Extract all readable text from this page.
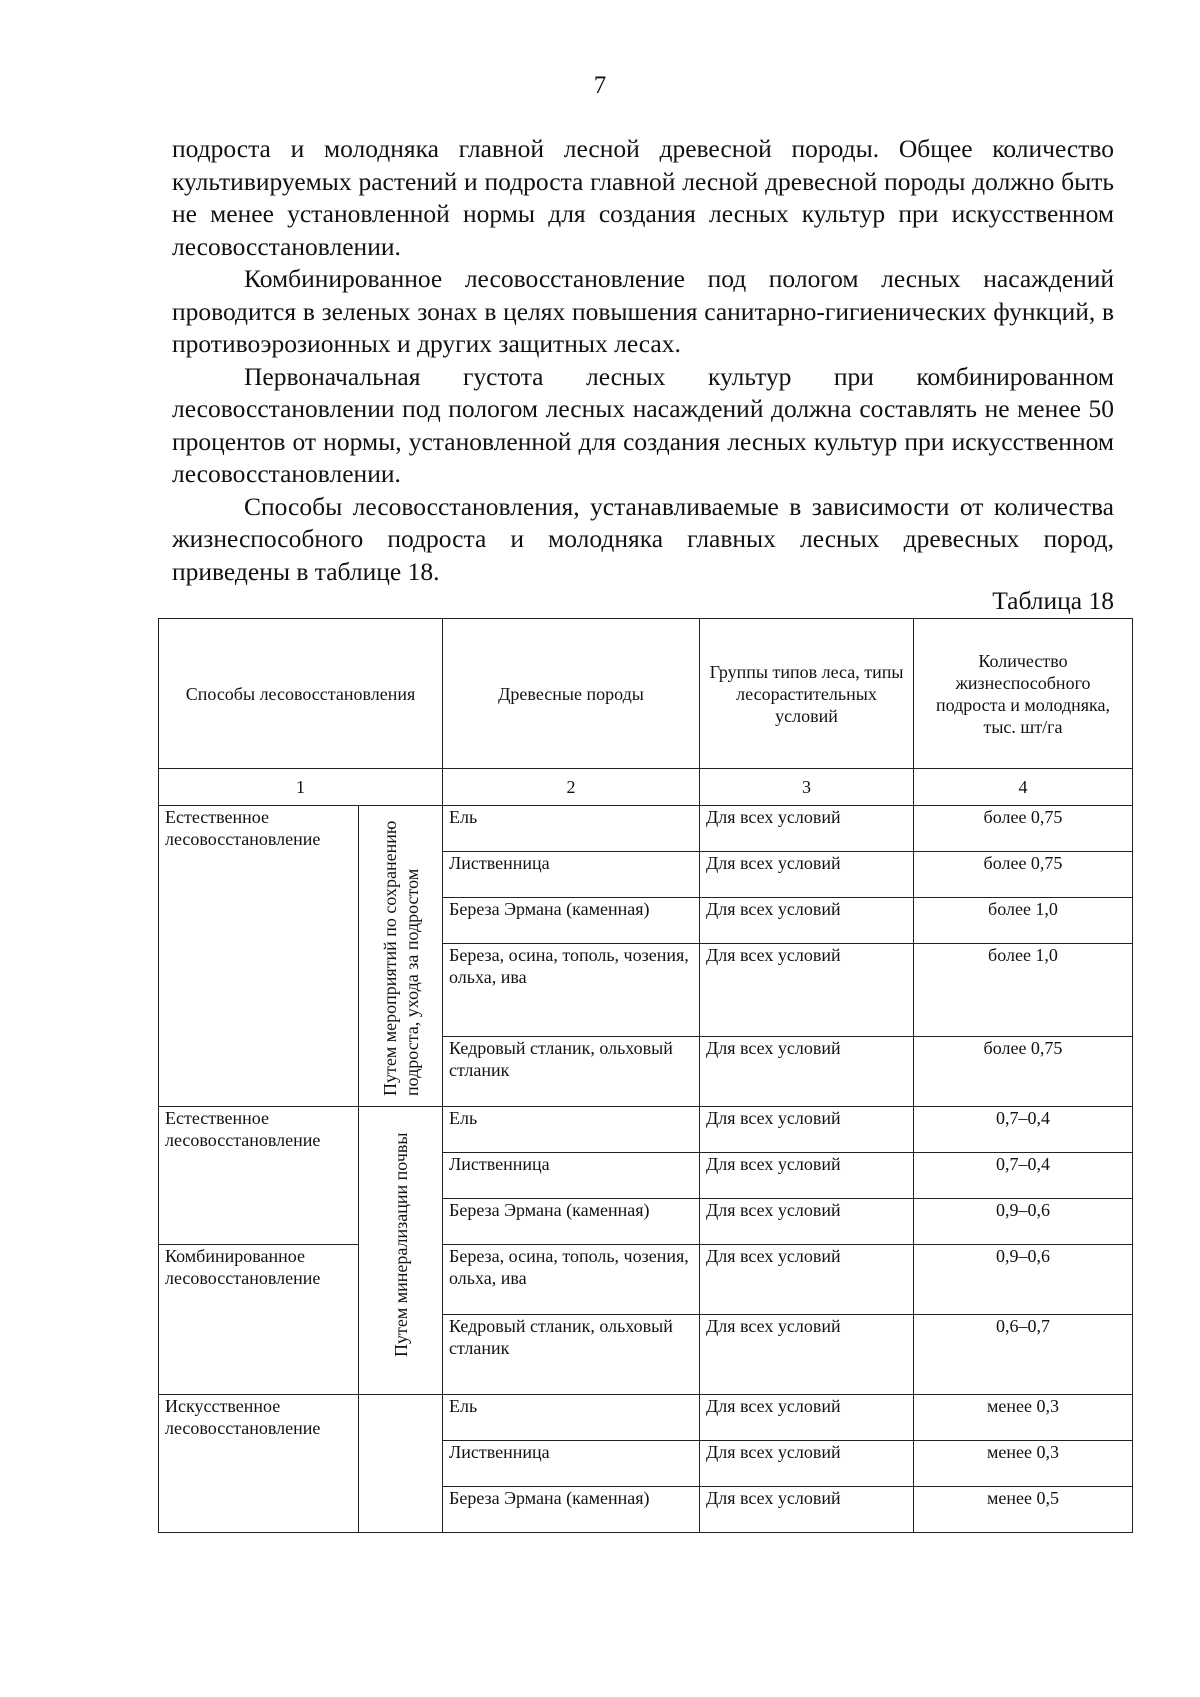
7

подроста и молодняка главной лесной древесной породы. Общее количество культивируемых растений и подроста главной лесной древесной породы должно быть не менее установленной нормы для создания лесных культур при искусственном лесовосстановлении.

Комбинированное лесовосстановление под пологом лесных насаждений проводится в зеленых зонах в целях повышения санитарно-гигиенических функций, в противоэрозионных и других защитных лесах.

Первоначальная густота лесных культур при комбинированном лесовосстановлении под пологом лесных насаждений должна составлять не менее 50 процентов от нормы, установленной для создания лесных культур при искусственном лесовосстановлении.

Способы лесовосстановления, устанавливаемые в зависимости от количества жизнеспособного подроста и молодняка главных лесных древесных пород, приведены в таблице 18.

Таблица 18
Способы лесовосстановления		Древесные породы	Группы типов леса, типы лесорастительных условий	Количество жизнеспособного подроста и молодняка, тыс. шт/га
1		2	3	4
Естественное лесовосстановление	Путем мероприятий по сохранению подроста, ухода за подростом	Ель	Для всех условий	более 0,75
		Лиственница	Для всех условий	более 0,75
		Береза Эрмана (каменная)	Для всех условий	более 1,0
		Береза, осина, тополь, чозения, ольха, ива	Для всех условий	более 1,0
		Кедровый стланик, ольховый стланик	Для всех условий	более 0,75
Естественное лесовосстановление	Путем минерализации почвы	Ель	Для всех условий	0,7–0,4
		Лиственница	Для всех условий	0,7–0,4
		Береза Эрмана (каменная)	Для всех условий	0,9–0,6
Комбинированное лесовосстановление		Береза, осина, тополь, чозения, ольха, ива	Для всех условий	0,9–0,6
		Кедровый стланик, ольховый стланик	Для всех условий	0,6–0,7
Искусственное лесовосстановление		Ель	Для всех условий	менее 0,3
		Лиственница	Для всех условий	менее 0,3
		Береза Эрмана (каменная)	Для всех условий	менее 0,5
